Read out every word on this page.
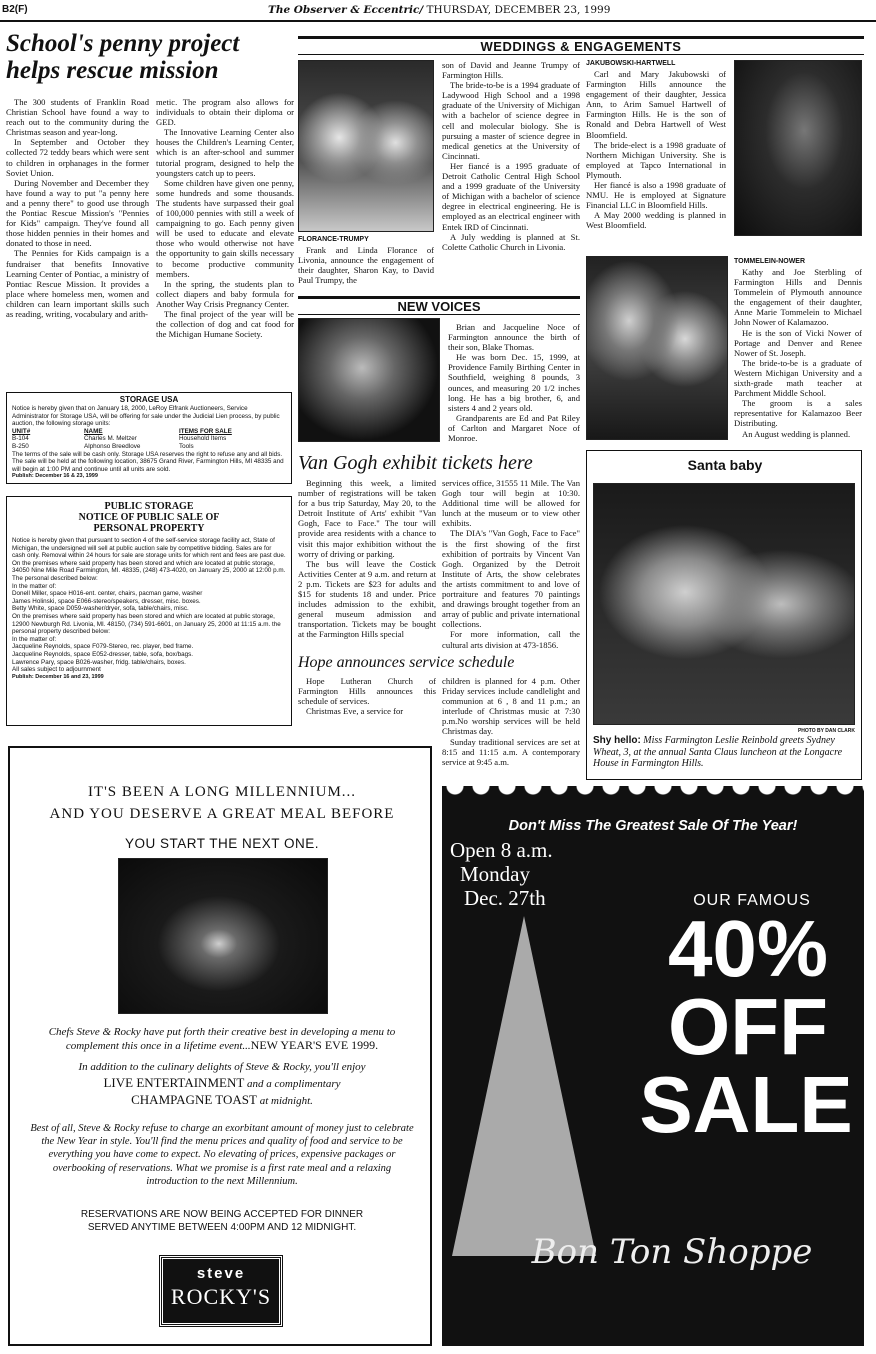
B2(F)	The Observer & Eccentric/ THURSDAY, DECEMBER 23, 1999
School's penny project helps rescue mission

The 300 students of Franklin Road Christian School have found a way to reach out to the community during the Christmas season and year-long.

In September and October they collected 72 teddy bears which were sent to children in orphanages in the former Soviet Union.

During November and December they have found a way to put "a penny here and a penny there" to good use through the Pontiac Rescue Mission's "Pennies for Kids" campaign. They've found all those hidden pennies in their homes and donated to those in need.

The Pennies for Kids campaign is a fundraiser that benefits Innovative Learning Center of Pontiac, a ministry of Pontiac Rescue Mission. It provides a place where homeless men, women and children can learn important skills such as reading, writing, vocabulary and arith-

metic. The program also allows for individuals to obtain their diploma or GED.

The Innovative Learning Center also houses the Children's Learning Center, which is an after-school and summer tutorial program, designed to help the youngsters catch up to peers.

Some children have given one penny, some hundreds and some thousands. The students have surpassed their goal of 100,000 pennies with still a week of campaigning to go. Each penny given will be used to educate and elevate those who would otherwise not have the opportunity to gain skills necessary to become productive community members.

In the spring, the students plan to collect diapers and baby formula for Another Way Crisis Pregnancy Center.

The final project of the year will be the collection of dog and cat food for the Michigan Humane Society.

STORAGE USA
Notice is hereby given that on January 18, 2000, LeRoy Elfrank Auctioneers, Service Administrator for Storage USA, will be offering for sale under the Judicial Lien process, by public auction, the following storage units:
UNIT#	NAME	ITEMS FOR SALE
B-104	Charles M. Meltzer	Household Items
B-250	Alphonso Breedlove	Tools
The terms of the sale will be cash only. Storage USA reserves the right to refuse any and all bids. The sale will be held at the following location, 38675 Grand River, Farmington Hills, MI 48335 and will begin at 1:00 PM and continue until all units are sold.
Publish: December 16 & 23, 1999
PUBLIC STORAGE
NOTICE OF PUBLIC SALE OF
PERSONAL PROPERTY
Notice is hereby given that pursuant to section 4 of the self-service storage facility act, State of Michigan, the undersigned will sell at public auction sale by competitive bidding. Sales are for cash only. Removal within 24 hours for sale are storage units for which rent and fees are past due.
On the premises where said property has been stored and which are located at public storage, 34050 Nine Mile Road Farmington, MI. 48335, (248) 473-4020, on January 25, 2000 at 12:00 p.m. The personal described below:
In the matter of:
Donell Miller, space H016-ent. center, chairs, pacman game, washer
James Holinski, space E066-stereo/speakers, dresser, misc. boxes.
Betty White, space D059-washer/dryer, sofa, table/chairs, misc.
On the premises where said property has been stored and which are located at public storage, 12900 Newburgh Rd. Livonia, MI. 48150, (734) 591-6601, on January 25, 2000 at 11:15 a.m. the personal property described below:
In the matter of:
Jacqueline Reynolds, space F079-Stereo, rec. player, bed frame.
Jacqueline Reynolds, space E052-dresser, table, sofa, box/bags.
Lawrence Pary, space B026-washer, fridg. table/chairs, boxes.
All sales subject to adjournment
Publish: December 16 and 23, 1999
WEDDINGS & ENGAGEMENTS
FLORANCE-TRUMPY

Frank and Linda Florance of Livonia, announce the engagement of their daughter, Sharon Kay, to David Paul Trumpy, the

son of David and Jeanne Trumpy of Farmington Hills.

The bride-to-be is a 1994 graduate of Ladywood High School and a 1998 graduate of the University of Michigan with a bachelor of science degree in cell and molecular biology. She is pursuing a master of science degree in medical genetics at the University of Cincinnati.

Her fiancé is a 1995 graduate of Detroit Catholic Central High School and a 1999 graduate of the University of Michigan with a bachelor of science degree in electrical engineering. He is employed as an electrical engineer with Entek IRD of Cincinnati.

A July wedding is planned at St. Colette Catholic Church in Livonia.

JAKUBOWSKI-HARTWELL

Carl and Mary Jakubowski of Farmington Hills announce the engagement of their daughter, Jessica Ann, to Arim Samuel Hartwell of Farmington Hills. He is the son of Ronald and Debra Hartwell of West Bloomfield.

The bride-elect is a 1998 graduate of Northern Michigan University. She is employed at Tapco International in Plymouth.

Her fiancé is also a 1998 graduate of NMU. He is employed at Signature Financial LLC in Bloomfield Hills.

A May 2000 wedding is planned in West Bloomfield.

TOMMELEIN-NOWER

Kathy and Joe Sterbling of Farmington Hills and Dennis Tommelein of Plymouth announce the engagement of their daughter, Anne Marie Tommelein to Michael John Nower of Kalamazoo.

He is the son of Vicki Nower of Portage and Denver and Renee Nower of St. Joseph.

The bride-to-be is a graduate of Western Michigan University and a sixth-grade math teacher at Parchment Middle School.

The groom is a sales representative for Kalamazoo Beer Distributing.

An August wedding is planned.

NEW VOICES

Brian and Jacqueline Noce of Farmington announce the birth of their son, Blake Thomas.

He was born Dec. 15, 1999, at Providence Family Birthing Center in Southfield, weighing 8 pounds, 3 ounces, and measuring 20 1/2 inches long. He has a big brother, 6, and sisters 4 and 2 years old.

Grandparents are Ed and Pat Riley of Carlton and Margaret Noce of Monroe.

Van Gogh exhibit tickets here

Beginning this week, a limited number of registrations will be taken for a bus trip Saturday, May 20, to the Detroit Institute of Arts' exhibit "Van Gogh, Face to Face." The tour will provide area residents with a chance to visit this major exhibition without the worry of driving or parking.

The bus will leave the Costick Activities Center at 9 a.m. and return at 2 p.m. Tickets are $23 for adults and $15 for students 18 and under. Price includes admission to the exhibit, general museum admission and transportation. Tickets may be bought at the Farmington Hills special

services office, 31555 11 Mile. The Van Gogh tour will begin at 10:30. Additional time will be allowed for lunch at the museum or to view other exhibits.

The DIA's "Van Gogh, Face to Face" is the first showing of the first exhibition of portraits by Vincent Van Gogh. Organized by the Detroit Institute of Arts, the show celebrates the artists commitment to and love of portraiture and features 70 paintings and drawings brought together from an array of public and private international collections.

For more information, call the cultural arts division at 473-1856.

Hope announces service schedule

Hope Lutheran Church of Farmington Hills announces this schedule of services.

Christmas Eve, a service for

children is planned for 4 p.m. Other Friday services include candlelight and communion at 6 , 8 and 11 p.m.; an interlude of Christmas music at 7:30 p.m.No worship services will be held Christmas day.

Sunday traditional services are set at 8:15 and 11:15 a.m. A contemporary service at 9:45 a.m.

Santa baby
PHOTO BY DAN CLARK
Shy hello: Miss Farmington Leslie Reinbold greets Sydney Wheat, 3, at the annual Santa Claus luncheon at the Longacre House in Farmington Hills.
IT'S BEEN A LONG MILLENNIUM...
AND YOU DESERVE A GREAT MEAL BEFORE
YOU START THE NEXT ONE.
Chefs Steve & Rocky have put forth their creative best in developing a menu to complement this once in a lifetime event...NEW YEAR'S EVE 1999.
In addition to the culinary delights of Steve & Rocky, you'll enjoy
LIVE ENTERTAINMENT and a complimentary
CHAMPAGNE TOAST at midnight.
Best of all, Steve & Rocky refuse to charge an exorbitant amount of money just to celebrate the New Year in style. You'll find the menu prices and quality of food and service to be everything you have come to expect. No elevating of prices, expensive packages or overbooking of reservations. What we promise is a first rate meal and a relaxing introduction to the next Millennium.
RESERVATIONS ARE NOW BEING ACCEPTED FOR DINNER
SERVED ANYTIME BETWEEN 4:00PM AND 12 MIDNIGHT.
steve
ROCKY'S
Don't Miss The Greatest Sale Of The Year!
Open 8 a.m.
Monday
Dec. 27th	OUR FAMOUS
40%
OFF
SALE
Bon Ton Shoppe
